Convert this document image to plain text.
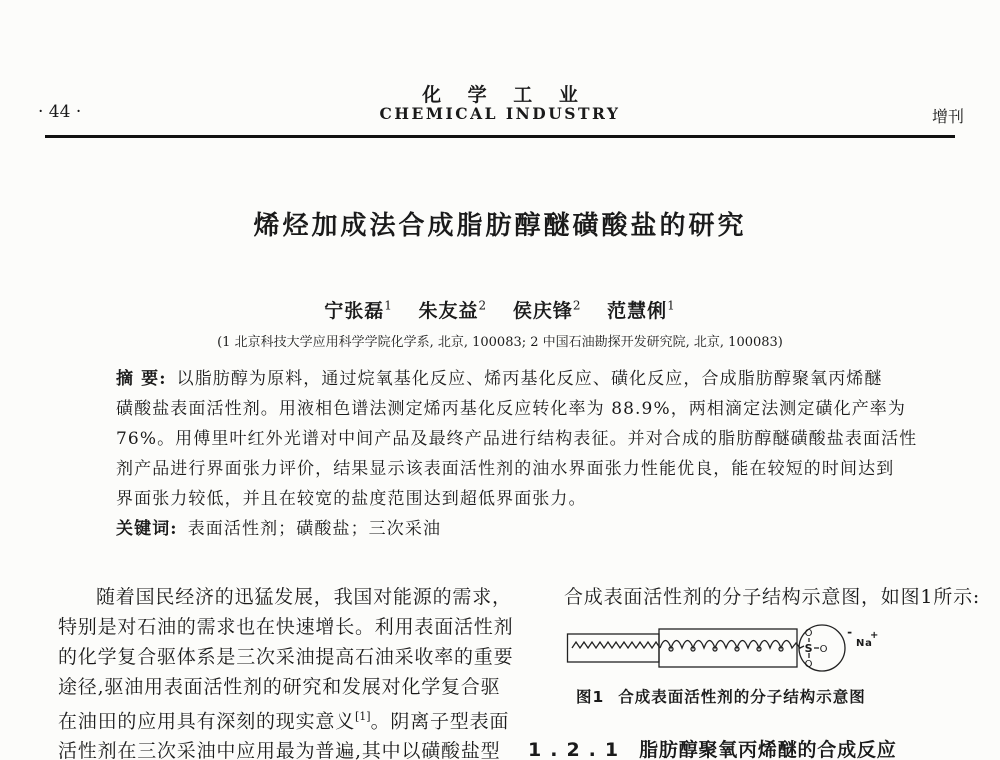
化 学 工 业
CHEMICAL INDUSTRY
· 44 ·	增刊
烯烃加成法合成脂肪醇醚磺酸盐的研究
宁张磊$^1$ 朱友益$^2$ 侯庆锋$^2$ 范慧俐$^1$
(1 北京科技大学应用科学学院化学系, 北京, 100083; 2 中国石油勘探开发研究院, 北京, 100083)
摘 要: 以脂肪醇为原料，通过烷氧基化反应、烯丙基化反应、磺化反应，合成脂肪醇聚氧丙烯醚
磺酸盐表面活性剂。用液相色谱法测定烯丙基化反应转化率为 88.9%，两相滴定法测定磺化产率为
76%。用傅里叶红外光谱对中间产品及最终产品进行结构表征。并对合成的脂肪醇醚磺酸盐表面活性
剂产品进行界面张力评价，结果显示该表面活性剂的油水界面张力性能优良，能在较短的时间达到
界面张力较低，并且在较宽的盐度范围达到超低界面张力。
关键词: 表面活性剂；磺酸盐；三次采油
随着国民经济的迅猛发展，我国对能源的需求，
特别是对石油的需求也在快速增长。利用表面活性剂
的化学复合驱体系是三次采油提高石油采收率的重要
途径,驱油用表面活性剂的研究和发展对化学复合驱
在油田的应用具有深刻的现实意义[1]。阴离子型表面
活性剂在三次采油中应用最为普遍,其中以磺酸盐型
合成表面活性剂的分子结构示意图，如图1所示:
S
O
O
O
-
Na
+
图1 合成表面活性剂的分子结构示意图
1.2.1 脂肪醇聚氧丙烯醚的合成反应
